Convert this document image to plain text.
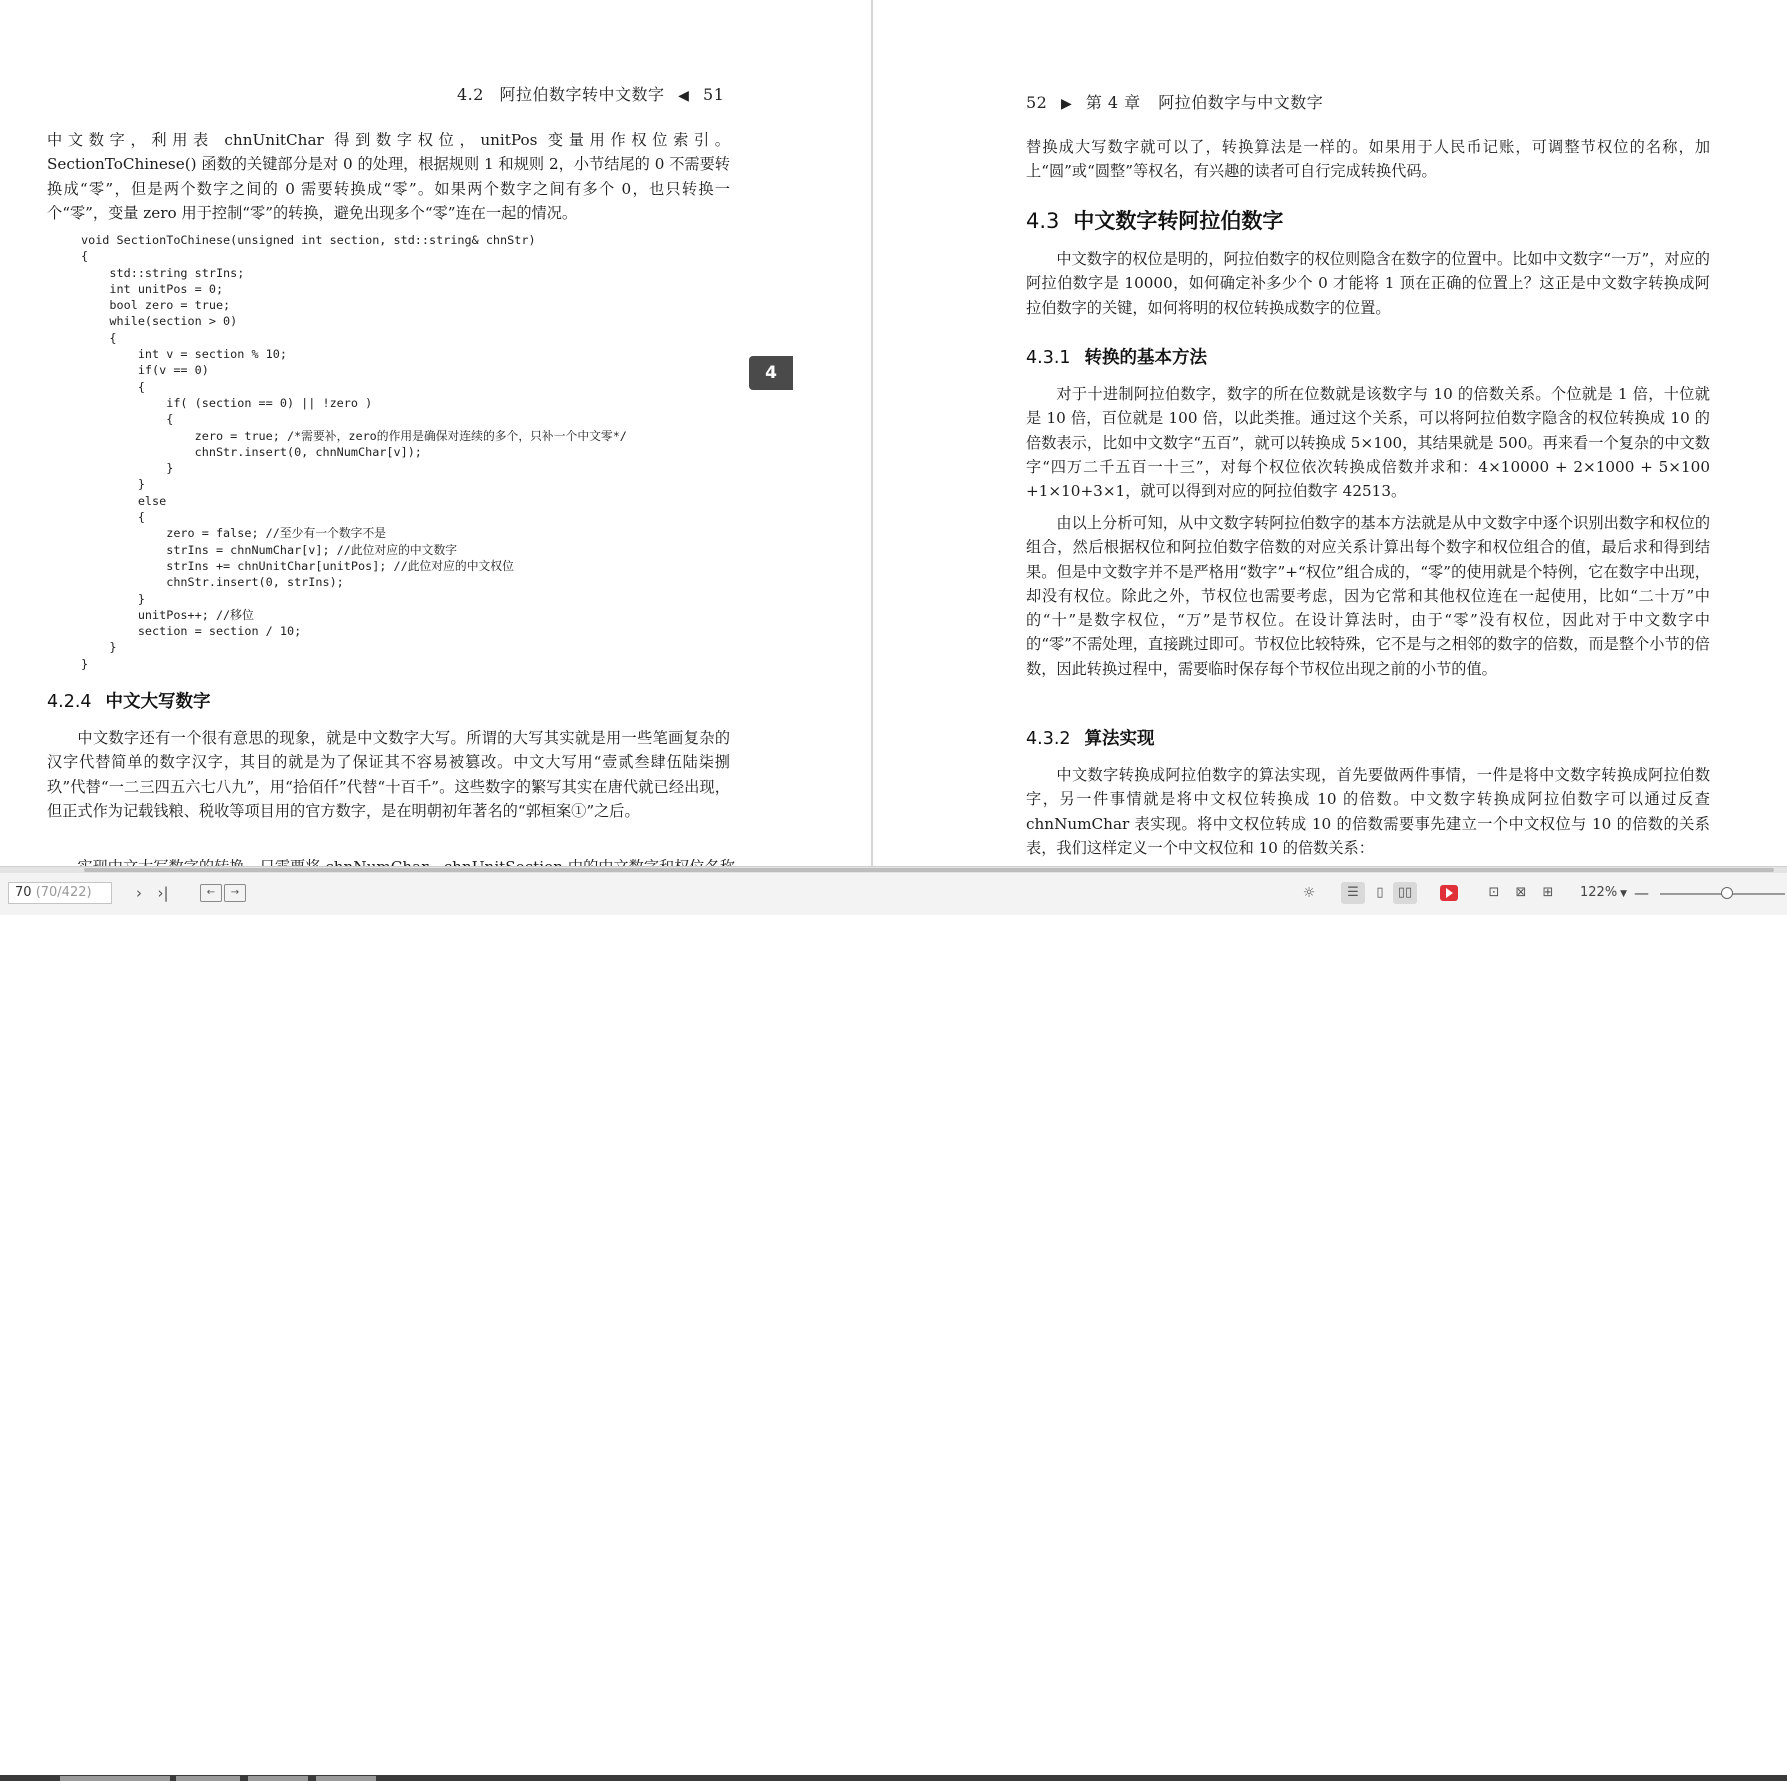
4.2 阿拉伯数字转中文数字 ◀ 51

中文数字，利用表 chnUnitChar 得到数字权位，unitPos 变量用作权位索引。SectionToChinese() 函数的关键部分是对 0 的处理，根据规则 1 和规则 2，小节结尾的 0 不需要转换成“零”，但是两个数字之间的 0 需要转换成“零”。如果两个数字之间有多个 0，也只转换一个“零”，变量 zero 用于控制“零”的转换，避免出现多个“零”连在一起的情况。

void SectionToChinese(unsigned int section, std::string& chnStr)
{
std::string strIns;
int unitPos = 0;
bool zero = true;
while(section > 0)
{
int v = section % 10;
if(v == 0)
{
if( (section == 0) || !zero )
{
zero = true; /*需要补，zero的作用是确保对连续的多个，只补一个中文零*/
chnStr.insert(0, chnNumChar[v]);
}
}
else
{
zero = false; //至少有一个数字不是
strIns = chnNumChar[v]; //此位对应的中文数字
strIns += chnUnitChar[unitPos]; //此位对应的中文权位
chnStr.insert(0, strIns);
}
unitPos++; //移位
section = section / 10;
}
}
4.2.4 中文大写数字

中文数字还有一个很有意思的现象，就是中文数字大写。所谓的大写其实就是用一些笔画复杂的汉字代替简单的数字汉字，其目的就是为了保证其不容易被篡改。中文大写用“壹贰叁肆伍陆柒捌玖”代替“一二三四五六七八九”，用“拾佰仟”代替“十百千”。这些数字的繁写其实在唐代就已经出现，但正式作为记载钱粮、税收等项目用的官方数字，是在明朝初年著名的“郭桓案①”之后。

4
52 ▶ 第 4 章 阿拉伯数字与中文数字

替换成大写数字就可以了，转换算法是一样的。如果用于人民币记账，可调整节权位的名称，加上“圆”或“圆整”等权名，有兴趣的读者可自行完成转换代码。

4.3 中文数字转阿拉伯数字

中文数字的权位是明的，阿拉伯数字的权位则隐含在数字的位置中。比如中文数字“一万”，对应的阿拉伯数字是 10000，如何确定补多少个 0 才能将 1 顶在正确的位置上？这正是中文数字转换成阿拉伯数字的关键，如何将明的权位转换成数字的位置。

4.3.1 转换的基本方法

对于十进制阿拉伯数字，数字的所在位数就是该数字与 10 的倍数关系。个位就是 1 倍，十位就是 10 倍，百位就是 100 倍，以此类推。通过这个关系，可以将阿拉伯数字隐含的权位转换成 10 的倍数表示，比如中文数字“五百”，就可以转换成 5×100，其结果就是 500。再来看一个复杂的中文数字“四万二千五百一十三”，对每个权位依次转换成倍数并求和：4×10000 + 2×1000 + 5×100 +1×10+3×1，就可以得到对应的阿拉伯数字 42513。

由以上分析可知，从中文数字转阿拉伯数字的基本方法就是从中文数字中逐个识别出数字和权位的组合，然后根据权位和阿拉伯数字倍数的对应关系计算出每个数字和权位组合的值，最后求和得到结果。但是中文数字并不是严格用“数字”+“权位”组合成的，“零”的使用就是个特例，它在数字中出现，却没有权位。除此之外，节权位也需要考虑，因为它常和其他权位连在一起使用，比如“二十万”中的“十”是数字权位，“万”是节权位。在设计算法时，由于“零”没有权位，因此对于中文数字中的“零”不需处理，直接跳过即可。节权位比较特殊，它不是与之相邻的数字的倍数，而是整个小节的倍数，因此转换过程中，需要临时保存每个节权位出现之前的小节的值。

4.3.2 算法实现

中文数字转换成阿拉伯数字的算法实现，首先要做两件事情，一件是将中文数字转换成阿拉伯数字，另一件事情就是将中文权位转换成 10 的倍数。中文数字转换成阿拉伯数字可以通过反查 chnNumChar 表实现。将中文权位转成 10 的倍数需要事先建立一个中文权位与 10 的倍数的关系表，我们这样定义一个中文权位和 10 的倍数关系：

70 (70/422)	›	›|	←	→	☼	☰	▯	▯▯	⊡	⊠	⊞	122% ▼ —
